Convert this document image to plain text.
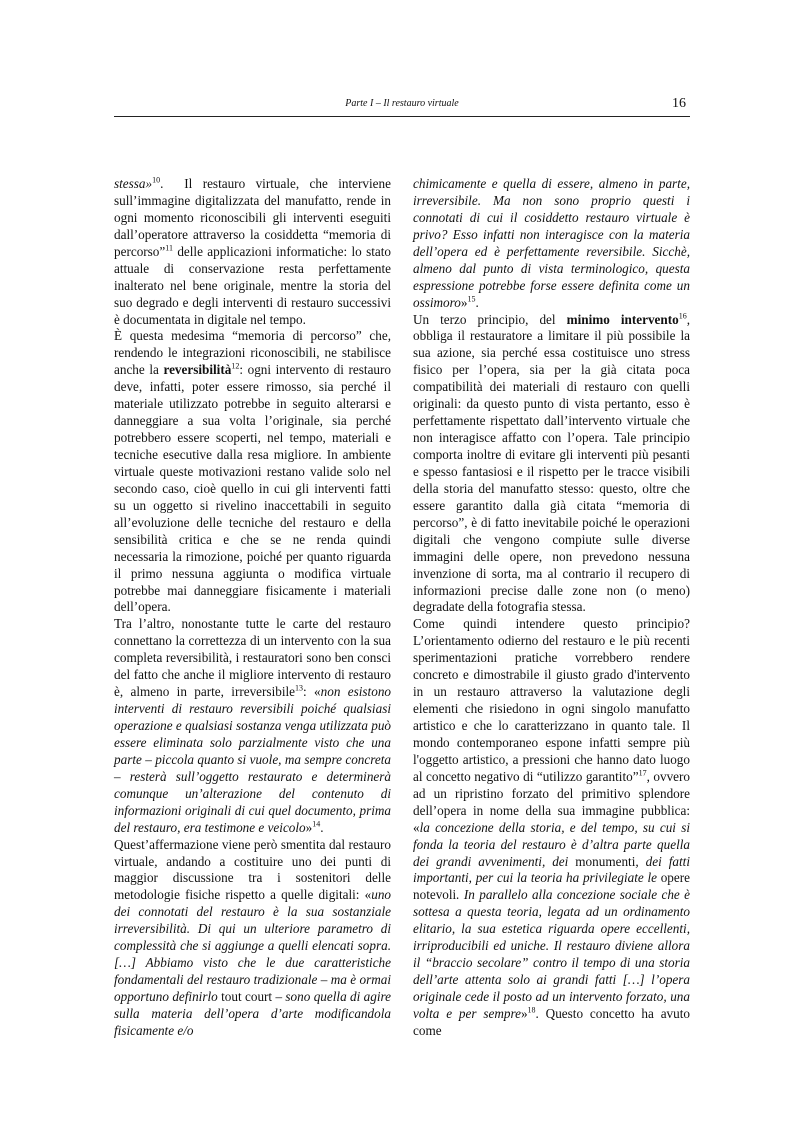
Parte I – Il restauro virtuale	16

stessa»$^{10}$.  Il restauro virtuale, che interviene sull’immagine digitalizzata del manufatto, rende in ogni momento riconoscibili gli interventi eseguiti dall’operatore attraverso la cosiddetta “memoria di percorso”$^{11}$ delle applicazioni informatiche: lo stato attuale di conservazione resta perfettamente inalterato nel bene originale, mentre la storia del suo degrado e degli interventi di restauro successivi è documentata in digitale nel tempo.

È questa medesima “memoria di percorso” che, rendendo le integrazioni riconoscibili, ne stabilisce anche la reversibilità$^{12}$: ogni intervento di restauro deve, infatti, poter essere rimosso, sia perché il materiale utilizzato potrebbe in seguito alterarsi e danneggiare a sua volta l’originale, sia perché potrebbero essere scoperti, nel tempo, materiali e tecniche esecutive dalla resa migliore. In ambiente virtuale queste motivazioni restano valide solo nel secondo caso, cioè quello in cui gli interventi fatti su un oggetto si rivelino inaccettabili in seguito all’evoluzione delle tecniche del restauro e della sensibilità critica e che se ne renda quindi necessaria la rimozione, poiché per quanto riguarda il primo nessuna aggiunta o modifica virtuale potrebbe mai danneggiare fisicamente i materiali dell’opera.

Tra l’altro, nonostante tutte le carte del restauro connettano la correttezza di un intervento con la sua completa reversibilità, i restauratori sono ben consci del fatto che anche il migliore intervento di restauro è, almeno in parte, irreversibile$^{13}$: «non esistono interventi di restauro reversibili poiché qualsiasi operazione e qualsiasi sostanza venga utilizzata può essere eliminata solo parzialmente visto che una parte – piccola quanto si vuole, ma sempre concreta – resterà sull’oggetto restaurato e determinerà comunque un’alterazione del contenuto di informazioni originali di cui quel documento, prima del restauro, era testimone e veicolo»$^{14}$.

Quest’affermazione viene però smentita dal restauro virtuale, andando a costituire uno dei punti di maggior discussione tra i sostenitori delle metodologie fisiche rispetto a quelle digitali: «uno dei connotati del restauro è la sua sostanziale irreversibilità. Di qui un ulteriore parametro di complessità che si aggiunge a quelli elencati sopra. […] Abbiamo visto che le due caratteristiche fondamentali del restauro tradizionale – ma è ormai opportuno definirlo tout court – sono quella di agire sulla materia dell’opera d’arte modificandola fisicamente e/o

chimicamente e quella di essere, almeno in parte, irreversibile. Ma non sono proprio questi i connotati di cui il cosiddetto restauro virtuale è privo? Esso infatti non interagisce con la materia dell’opera ed è perfettamente reversibile. Sicchè, almeno dal punto di vista terminologico, questa espressione potrebbe forse essere definita come un ossimoro»$^{15}$.

Un terzo principio, del minimo intervento$^{16}$, obbliga il restauratore a limitare il più possibile la sua azione, sia perché essa costituisce uno stress fisico per l’opera, sia per la già citata poca compatibilità dei materiali di restauro con quelli originali: da questo punto di vista pertanto, esso è perfettamente rispettato dall’intervento virtuale che non interagisce affatto con l’opera. Tale principio comporta inoltre di evitare gli interventi più pesanti e spesso fantasiosi e il rispetto per le tracce visibili della storia del manufatto stesso: questo, oltre che essere garantito dalla già citata “memoria di percorso”, è di fatto inevitabile poiché le operazioni digitali che vengono compiute sulle diverse immagini delle opere, non prevedono nessuna invenzione di sorta, ma al contrario il recupero di informazioni precise dalle zone non (o meno) degradate della fotografia stessa.

Come quindi intendere questo principio? L’orientamento odierno del restauro e le più recenti sperimentazioni pratiche vorrebbero rendere concreto e dimostrabile il giusto grado d'intervento in un restauro attraverso la valutazione degli elementi che risiedono in ogni singolo manufatto artistico e che lo caratterizzano in quanto tale. Il mondo contemporaneo espone infatti sempre più l'oggetto artistico, a pressioni che hanno dato luogo al concetto negativo di “utilizzo garantito”$^{17}$, ovvero ad un ripristino forzato del primitivo splendore dell’opera in nome della sua immagine pubblica: «la concezione della storia, e del tempo, su cui si fonda la teoria del restauro è d’altra parte quella dei grandi avvenimenti, dei monumenti, dei fatti importanti, per cui la teoria ha privilegiate le opere notevoli. In parallelo alla concezione sociale che è sottesa a questa teoria, legata ad un ordinamento elitario, la sua estetica riguarda opere eccellenti, irriproducibili ed uniche. Il restauro diviene allora il “braccio secolare” contro il tempo di una storia dell’arte attenta solo ai grandi fatti […] l’opera originale cede il posto ad un intervento forzato, una volta e per sempre»$^{18}$. Questo concetto ha avuto come
